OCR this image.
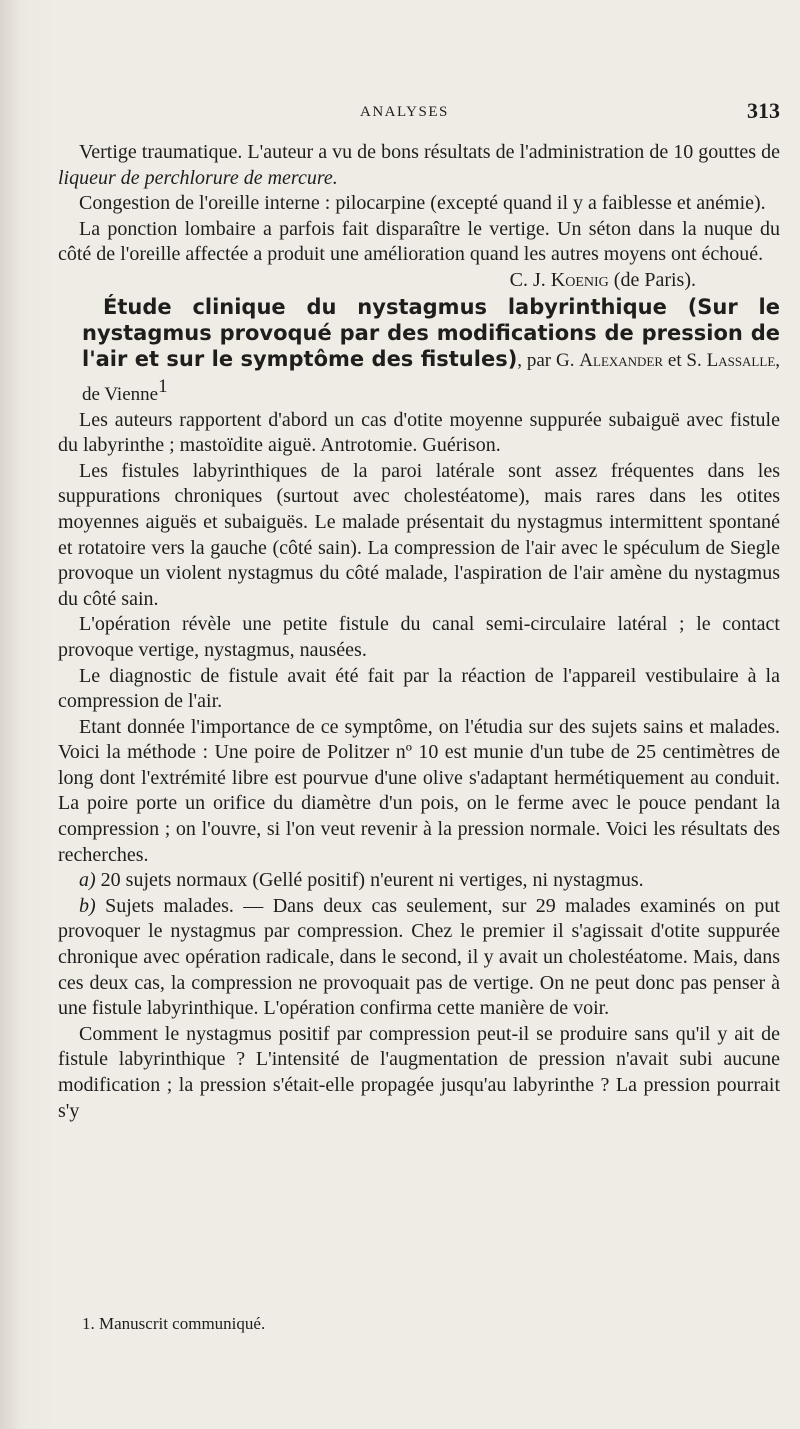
ANALYSES	313

Vertige traumatique. L'auteur a vu de bons résultats de l'administration de 10 gouttes de liqueur de perchlorure de mercure.

Congestion de l'oreille interne : pilocarpine (excepté quand il y a faiblesse et anémie).

La ponction lombaire a parfois fait disparaître le vertige. Un séton dans la nuque du côté de l'oreille affectée a produit une amélioration quand les autres moyens ont échoué.

C. J. Koenig (de Paris).

Étude clinique du nystagmus labyrinthique (Sur le nystagmus provoqué par des modifications de pression de l'air et sur le symptôme des fistules), par G. Alexander et S. Lassalle, de Vienne$^1$

Les auteurs rapportent d'abord un cas d'otite moyenne suppurée subaiguë avec fistule du labyrinthe ; mastoïdite aiguë. Antrotomie. Guérison.

Les fistules labyrinthiques de la paroi latérale sont assez fréquentes dans les suppurations chroniques (surtout avec cholestéatome), mais rares dans les otites moyennes aiguës et subaiguës. Le malade présentait du nystagmus intermittent spontané et rotatoire vers la gauche (côté sain). La compression de l'air avec le spéculum de Siegle provoque un violent nystagmus du côté malade, l'aspiration de l'air amène du nystagmus du côté sain.

L'opération révèle une petite fistule du canal semi-circulaire latéral ; le contact provoque vertige, nystagmus, nausées.

Le diagnostic de fistule avait été fait par la réaction de l'appareil vestibulaire à la compression de l'air.

Etant donnée l'importance de ce symptôme, on l'étudia sur des sujets sains et malades. Voici la méthode : Une poire de Politzer nº 10 est munie d'un tube de 25 centimètres de long dont l'extrémité libre est pourvue d'une olive s'adaptant hermétiquement au conduit. La poire porte un orifice du diamètre d'un pois, on le ferme avec le pouce pendant la compression ; on l'ouvre, si l'on veut revenir à la pression normale. Voici les résultats des recherches.

a) 20 sujets normaux (Gellé positif) n'eurent ni vertiges, ni nystagmus.

b) Sujets malades. — Dans deux cas seulement, sur 29 malades examinés on put provoquer le nystagmus par compression. Chez le premier il s'agissait d'otite suppurée chronique avec opération radicale, dans le second, il y avait un cholestéatome. Mais, dans ces deux cas, la compression ne provoquait pas de vertige. On ne peut donc pas penser à une fistule labyrinthique. L'opération confirma cette manière de voir.

Comment le nystagmus positif par compression peut-il se produire sans qu'il y ait de fistule labyrinthique ? L'intensité de l'augmentation de pression n'avait subi aucune modification ; la pression s'était-elle propagée jusqu'au labyrinthe ? La pression pourrait s'y

1. Manuscrit communiqué.
